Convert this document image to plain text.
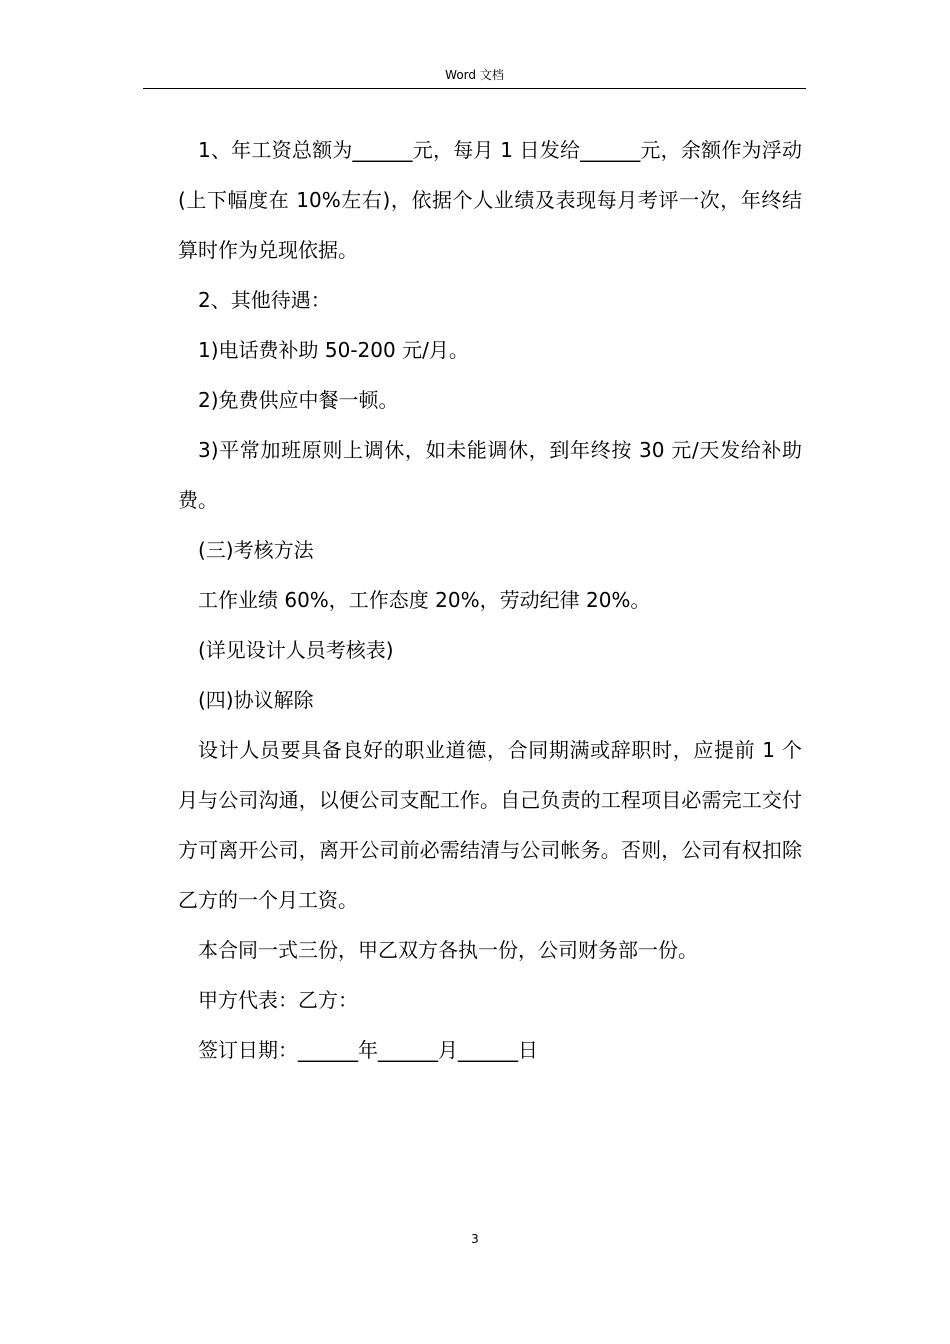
Word 文档

1、年工资总额为______元，每月 1 日发给______元，余额作为浮动(上下幅度在 10%左右)，依据个人业绩及表现每月考评一次，年终结算时作为兑现依据。

2、其他待遇：

1)电话费补助 50-200 元/月。

2)免费供应中餐一顿。

3)平常加班原则上调休，如未能调休，到年终按 30 元/天发给补助费。

(三)考核方法

工作业绩 60%，工作态度 20%，劳动纪律 20%。

(详见设计人员考核表)

(四)协议解除

设计人员要具备良好的职业道德，合同期满或辞职时，应提前 1 个月与公司沟通，以便公司支配工作。自己负责的工程项目必需完工交付方可离开公司，离开公司前必需结清与公司帐务。否则，公司有权扣除乙方的一个月工资。

本合同一式三份，甲乙双方各执一份，公司财务部一份。

甲方代表：乙方：

签订日期：______年______月______日

3
